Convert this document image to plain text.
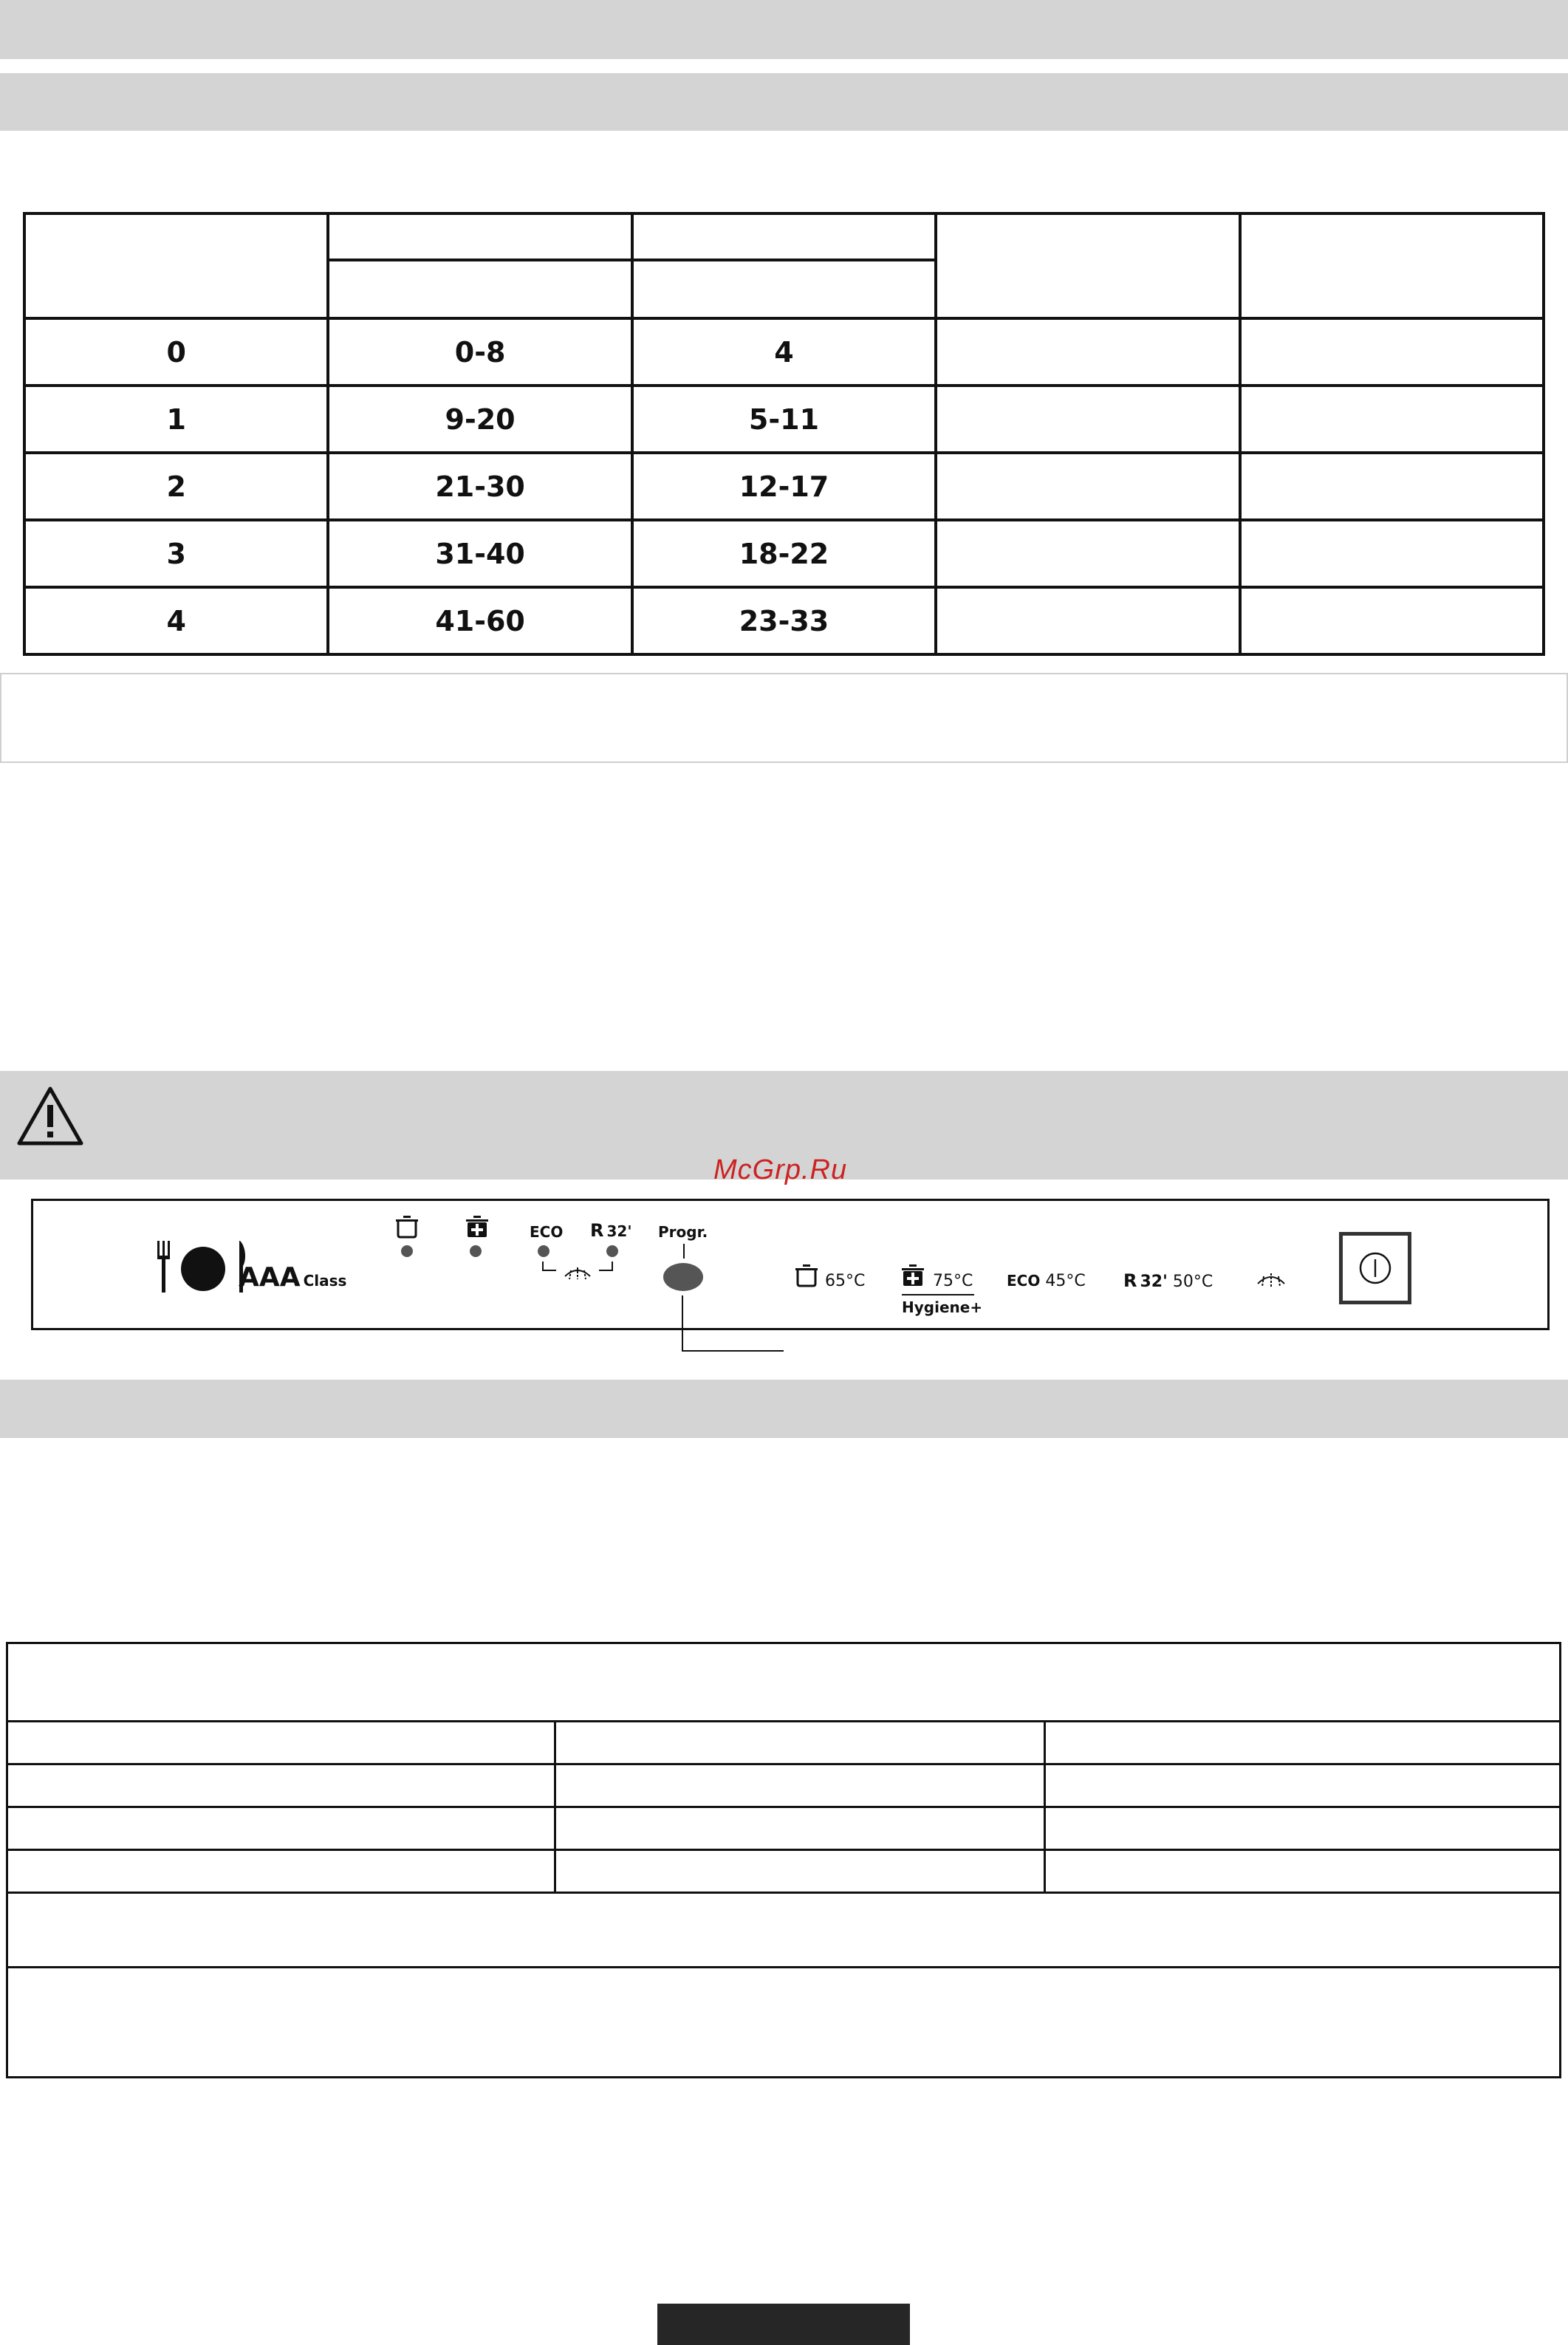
0	0-8	4		
1	9-20	5-11		
2	21-30	12-17		
3	31-40	18-22		
4	41-60	23-33		
McGrp.Ru
AAA Class
ECO R 32' Progr.
65°C	75°C
Hygiene+
ECO 45°C R 32' 50°C
